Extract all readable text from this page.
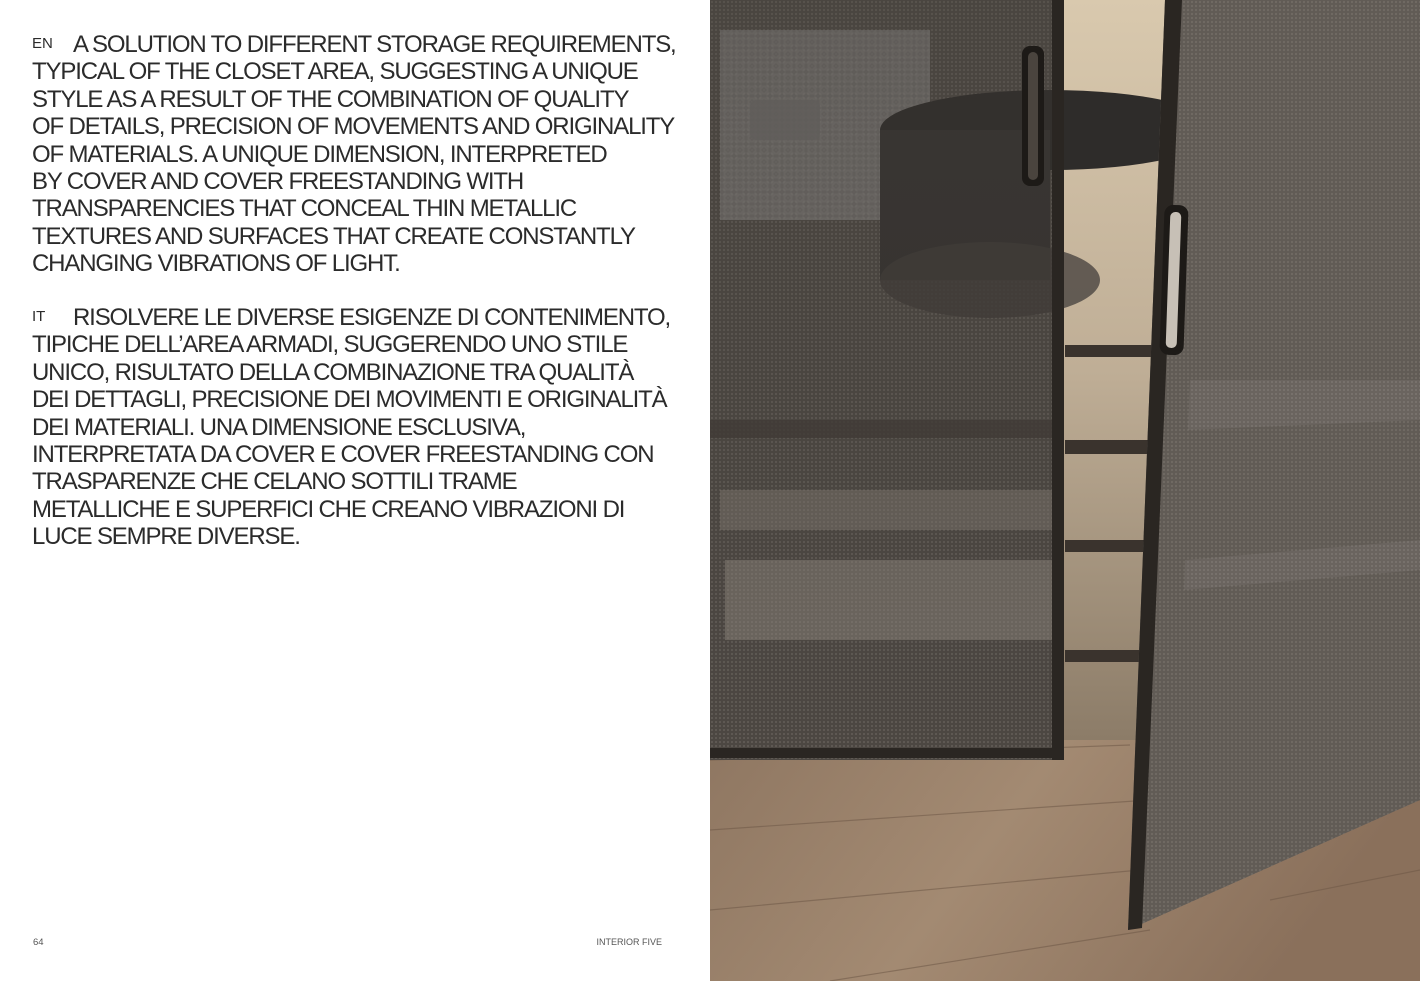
EN A SOLUTION TO DIFFERENT STORAGE REQUIREMENTS,
TYPICAL OF THE CLOSET AREA, SUGGESTING A UNIQUE
STYLE AS A RESULT OF THE COMBINATION OF QUALITY
OF DETAILS, PRECISION OF MOVEMENTS AND ORIGINALITY
OF MATERIALS. A UNIQUE DIMENSION, INTERPRETED
BY COVER AND COVER FREESTANDING WITH
TRANSPARENCIES THAT CONCEAL THIN METALLIC
TEXTURES AND SURFACES THAT CREATE CONSTANTLY
CHANGING VIBRATIONS OF LIGHT.
IT RISOLVERE LE DIVERSE ESIGENZE DI CONTENIMENTO,
TIPICHE DELL’AREA ARMADI, SUGGERENDO UNO STILE
UNICO, RISULTATO DELLA COMBINAZIONE TRA QUALITÀ
DEI DETTAGLI, PRECISIONE DEI MOVIMENTI E ORIGINALITÀ
DEI MATERIALI. UNA DIMENSIONE ESCLUSIVA,
INTERPRETATA DA COVER E COVER FREESTANDING CON
TRASPARENZE CHE CELANO SOTTILI TRAME
METALLICHE E SUPERFICI CHE CREANO VIBRAZIONI DI
LUCE SEMPRE DIVERSE.
64	INTERIOR FIVE
